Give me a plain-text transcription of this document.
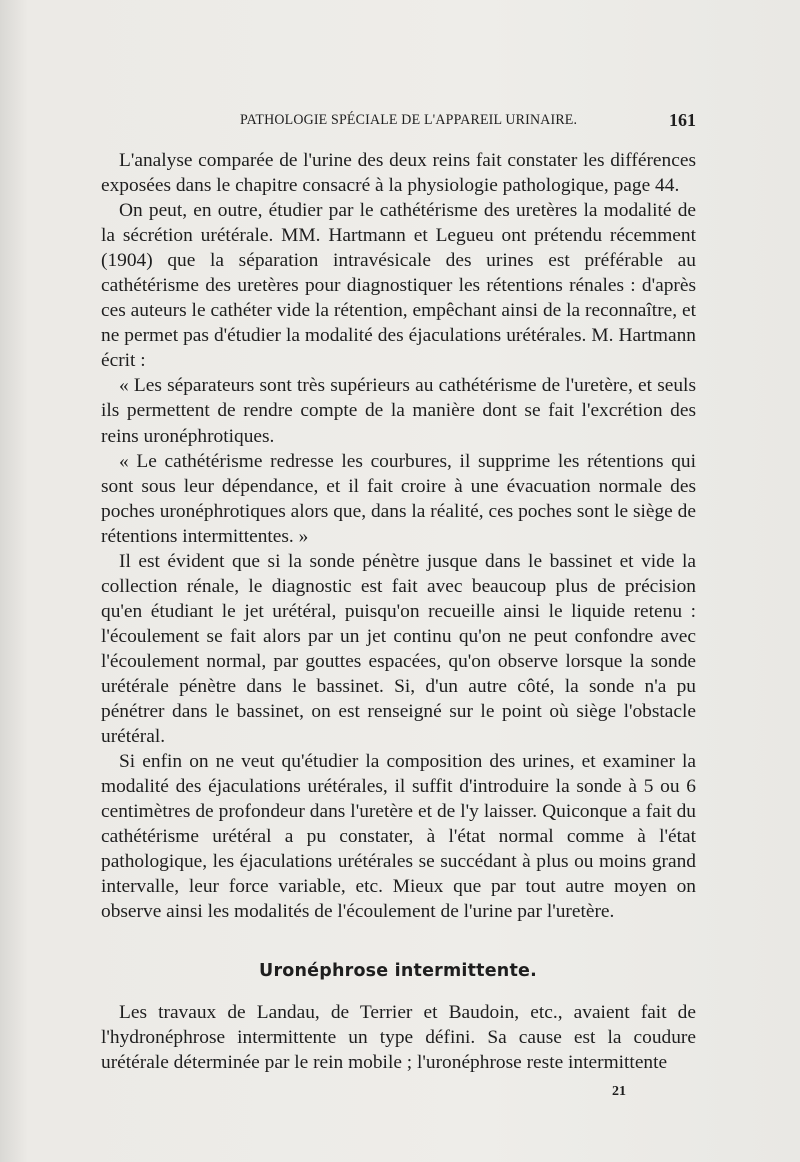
PATHOLOGIE SPÉCIALE DE L'APPAREIL URINAIRE.	161

L'analyse comparée de l'urine des deux reins fait constater les différences exposées dans le chapitre consacré à la physiologie pathologique, page 44.

On peut, en outre, étudier par le cathétérisme des uretères la modalité de la sécrétion urétérale. MM. Hartmann et Legueu ont prétendu récemment (1904) que la séparation intravésicale des urines est préférable au cathétérisme des uretères pour diagnostiquer les rétentions rénales : d'après ces auteurs le cathéter vide la rétention, empêchant ainsi de la reconnaître, et ne permet pas d'étudier la modalité des éjaculations urétérales. M. Hartmann écrit :

« Les séparateurs sont très supérieurs au cathétérisme de l'uretère, et seuls ils permettent de rendre compte de la manière dont se fait l'excrétion des reins uronéphrotiques.

« Le cathétérisme redresse les courbures, il supprime les rétentions qui sont sous leur dépendance, et il fait croire à une évacuation normale des poches uronéphrotiques alors que, dans la réalité, ces poches sont le siège de rétentions intermittentes. »

Il est évident que si la sonde pénètre jusque dans le bassinet et vide la collection rénale, le diagnostic est fait avec beaucoup plus de précision qu'en étudiant le jet urétéral, puisqu'on recueille ainsi le liquide retenu : l'écoulement se fait alors par un jet continu qu'on ne peut confondre avec l'écoulement normal, par gouttes espacées, qu'on observe lorsque la sonde urétérale pénètre dans le bassinet. Si, d'un autre côté, la sonde n'a pu pénétrer dans le bassinet, on est renseigné sur le point où siège l'obstacle urétéral.

Si enfin on ne veut qu'étudier la composition des urines, et examiner la modalité des éjaculations urétérales, il suffit d'introduire la sonde à 5 ou 6 centimètres de profondeur dans l'uretère et de l'y laisser. Quiconque a fait du cathétérisme urétéral a pu constater, à l'état normal comme à l'état pathologique, les éjaculations urétérales se succédant à plus ou moins grand intervalle, leur force variable, etc. Mieux que par tout autre moyen on observe ainsi les modalités de l'écoulement de l'urine par l'uretère.

Uronéphrose intermittente.

Les travaux de Landau, de Terrier et Baudoin, etc., avaient fait de l'hydronéphrose intermittente un type défini. Sa cause est la coudure urétérale déterminée par le rein mobile ; l'uronéphrose reste intermittente

21
